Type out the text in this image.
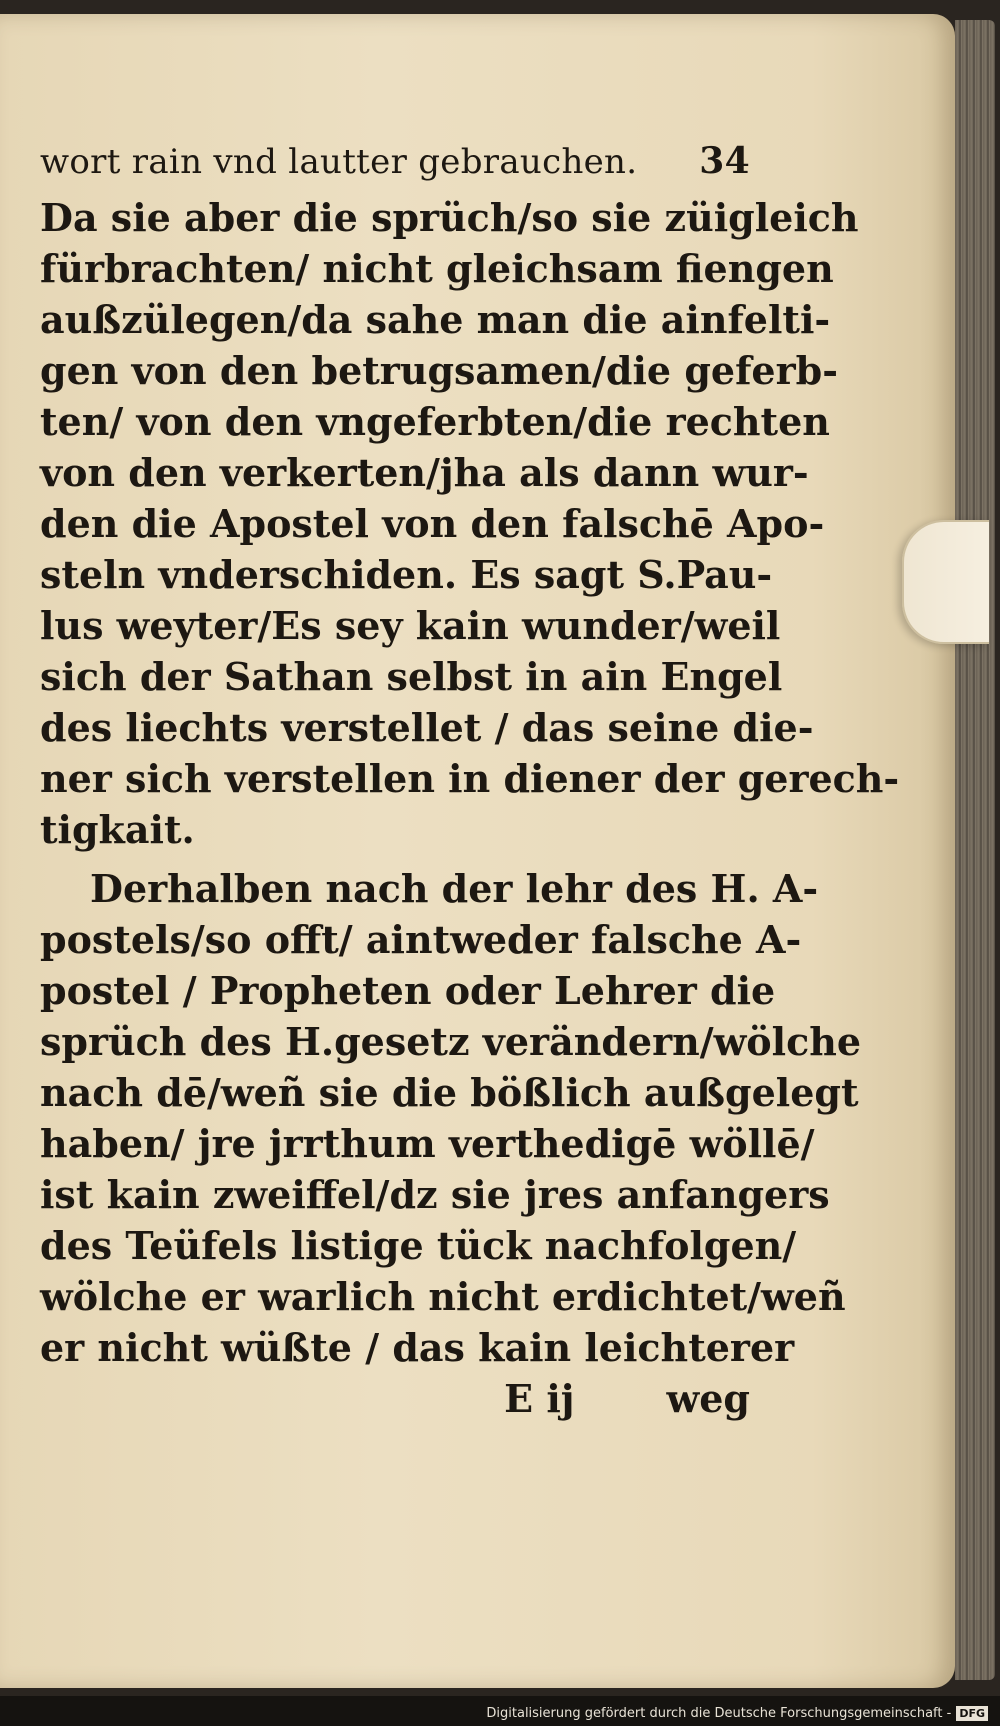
wort rain vnd lautter gebrauchen. 34
Da sie aber die sprüch/so sie züigleich
fürbrachten/ nicht gleichsam fiengen
außzülegen/da sahe man die ainfelti-
gen von den betrugsamen/die geferb-
ten/ von den vngeferbten/die rechten
von den verkerten/jha als dann wur-
den die Apostel von den falschē Apo-
steln vnderschiden. Es sagt S.Pau-
lus weyter/Es sey kain wunder/weil
sich der Sathan selbst in ain Engel
des liechts verstellet / das seine die-
ner sich verstellen in diener der gerech-
tigkait.
Derhalben nach der lehr des H. A-
postels/so offt/ aintweder falsche A-
postel / Propheten oder Lehrer die
sprüch des H.gesetz verändern/wölche
nach dē/weñ sie die bößlich außgelegt
haben/ jre jrrthum verthedigē wöllē/
ist kain zweiffel/dz sie jres anfangers
des Teüfels listige tück nachfolgen/
wölche er warlich nicht erdichtet/weñ
er nicht wüßte / das kain leichterer
E ij weg
Digitalisierung gefördert durch die Deutsche Forschungsgemeinschaft - DFG
